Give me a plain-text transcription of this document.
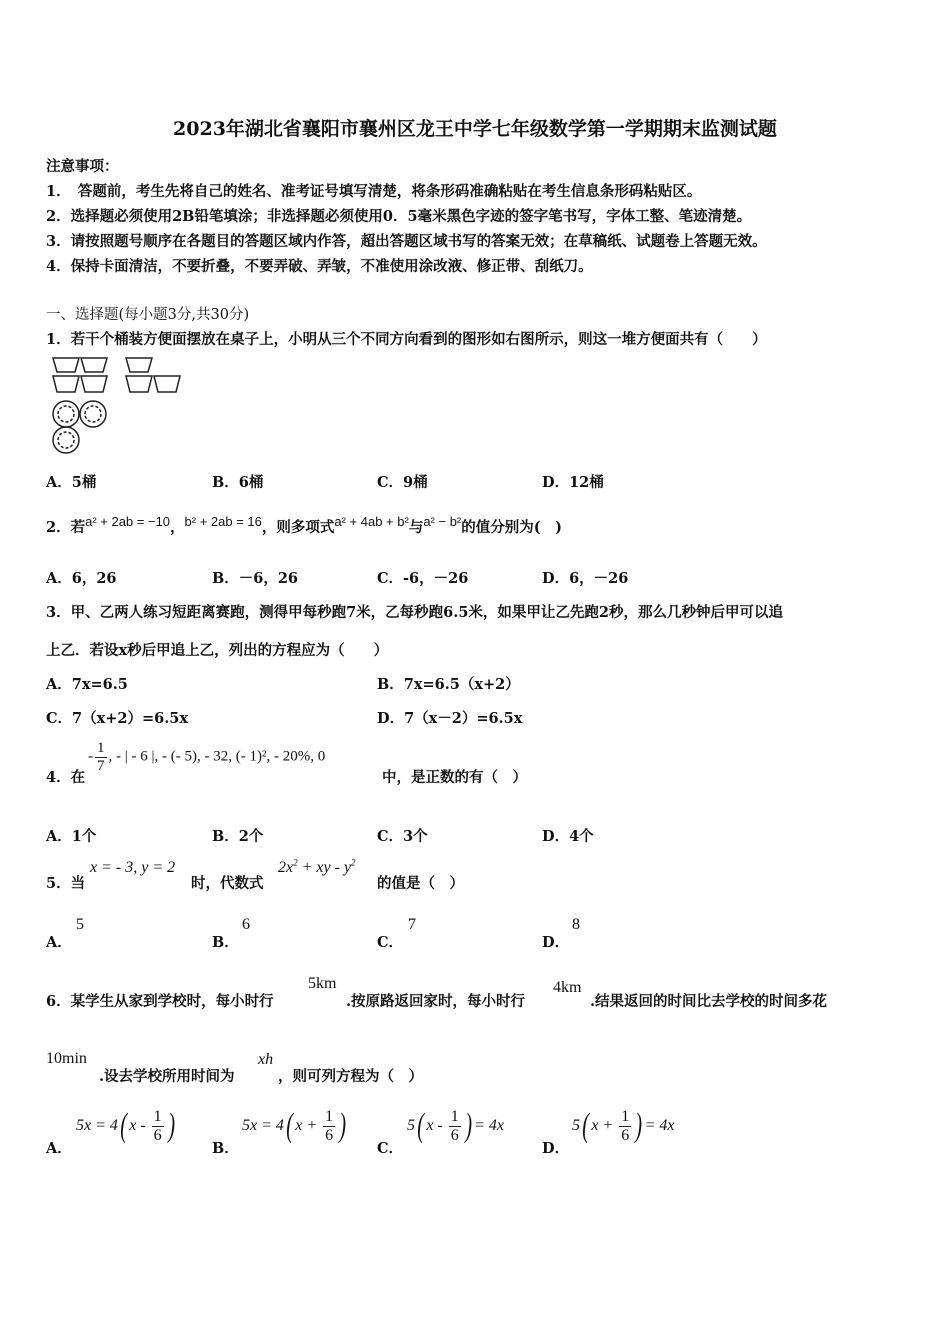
2023年湖北省襄阳市襄州区龙王中学七年级数学第一学期期末监测试题
注意事项：
1．　答题前，考生先将自己的姓名、准考证号填写清楚，将条形码准确粘贴在考生信息条形码粘贴区。
2．选择题必须使用2B铅笔填涂；非选择题必须使用0．5毫米黑色字迹的签字笔书写，字体工整、笔迹清楚。
3．请按照题号顺序在各题目的答题区域内作答，超出答题区域书写的答案无效；在草稿纸、试题卷上答题无效。
4．保持卡面清洁，不要折叠，不要弄破、弄皱，不准使用涂改液、修正带、刮纸刀。
一、选择题(每小题3分,共30分)
1．若干个桶装方便面摆放在桌子上，小明从三个不同方向看到的图形如右图所示，则这一堆方便面共有（　　）
A．5桶	B．6桶	C．9桶	D．12桶
2．若a² + 2ab = −10，b² + 2ab = 16，则多项式a² + 4ab + b²与a² − b²的值分别为(　)
A．6，26	B．－6，26	C．-6，－26	D．6，－26
3．甲、乙两人练习短距离赛跑，测得甲每秒跑7米，乙每秒跑6.5米，如果甲让乙先跑2秒，那么几秒钟后甲可以追
上乙．若设x秒后甲追上乙，列出的方程应为（　　）
A．7x=6.5	B．7x=6.5（x+2）
C．7（x+2）=6.5x	D．7（x－2）=6.5x
4．在
- $\frac{1}{7}$ , - | - 6 |, - (- 5), - 32, (- 1)², - 20%, 0
中，是正数的有（　）
A．1个	B．2个	C．3个	D．4个
5．当
x = - 3, y = 2
时，代数式
$2x^2$ + xy - $y^2$
的值是（　）
A．
5
B．
6
C．
7
D．
8
6．某学生从家到学校时，每小时行
5km
.按原路返回家时，每小时行
4km
.结果返回的时间比去学校的时间多花
10min
.设去学校所用时间为
xh
，则可列方程为（　）
A．
5x = 4( x - $\frac{1}{6}$ )
B．
5x = 4( $x + \frac{1}{6}$ )
C．
5( x - $\frac{1}{6}$ ) = 4x
D．
5( $x + \frac{1}{6}$ ) = 4x
